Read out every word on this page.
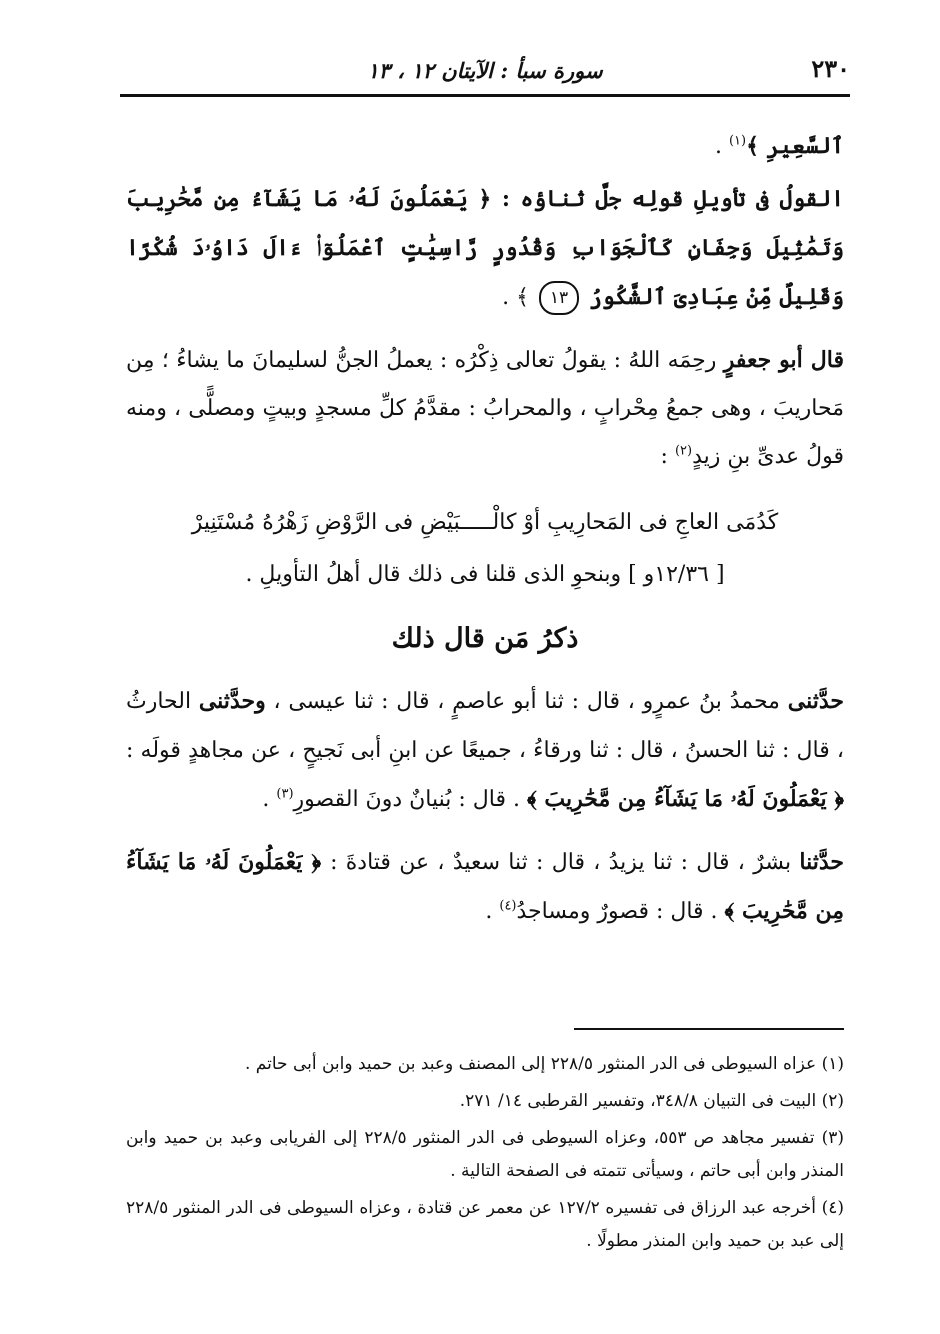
٢٣٠
سورة سبأ : الآيتان ١٢ ، ١٣

ٱلسَّعِيرِ ﴾$^{(١)}$ .

القولُ فى تأويلِ قولِه جلَّ ثناؤه : ﴿ يَعْمَلُونَ لَهُۥ مَا يَشَآءُ مِن مَّحَٰرِيبَ وَتَمَٰثِيلَ وَجِفَانٍ كَٱلْجَوَابِ وَقُدُورٍ رَّاسِيَٰتٍ ٱعْمَلُوٓا۟ ءَالَ دَاوُۥدَ شُكْرًا وَقَلِيلٌ مِّنْ عِبَادِىَ ٱلشَّكُورُ ١٣ ﴾ .

قال أبو جعفرٍ رحِمَه اللهُ : يقولُ تعالى ذِكْرُه : يعملُ الجنُّ لسليمانَ ما يشاءُ ؛ مِن مَحاريبَ ، وهى جمعُ مِحْرابٍ ، والمحرابُ : مقدَّمُ كلِّ مسجدٍ وبيتٍ ومصلًّى ، ومنه قولُ عدىِّ بنِ زيدٍ$^{(٢)}$ :

كَدُمَى العاجِ فى المَحارِيبِ أوْ كالْـــــبَيْضِ فى الرَّوْضِ زَهْرُهُ مُسْتَنِيرْ

[ ١٢/٣٦و ] وبنحوِ الذى قلنا فى ذلك قال أهلُ التأويلِ .

ذكرُ مَن قال ذلك

حدَّثنى محمدُ بنُ عمرٍو ، قال : ثنا أبو عاصمٍ ، قال : ثنا عيسى ، وحدَّثنى الحارثُ ، قال : ثنا الحسنُ ، قال : ثنا ورقاءُ ، جميعًا عن ابنِ أبى نَجيحٍ ، عن مجاهدٍ قولَه : ﴿ يَعْمَلُونَ لَهُۥ مَا يَشَآءُ مِن مَّحَٰرِيبَ ﴾ . قال : بُنيانٌ دونَ القصورِ$^{(٣)}$ .

حدَّثنا بشرٌ ، قال : ثنا يزيدُ ، قال : ثنا سعيدٌ ، عن قتادةَ : ﴿ يَعْمَلُونَ لَهُۥ مَا يَشَآءُ مِن مَّحَٰرِيبَ ﴾ . قال : قصورٌ ومساجدُ$^{(٤)}$ .

(١) عزاه السيوطى فى الدر المنثور ٢٢٨/٥ إلى المصنف وعبد بن حميد وابن أبى حاتم .

(٢) البيت فى التبيان ٣٤٨/٨، وتفسير القرطبى ١٤/ ٢٧١.

(٣) تفسير مجاهد ص ٥٥٣، وعزاه السيوطى فى الدر المنثور ٢٢٨/٥ إلى الفريابى وعبد بن حميد وابن المنذر وابن أبى حاتم ، وسيأتى تتمته فى الصفحة التالية .

(٤) أخرجه عبد الرزاق فى تفسيره ١٢٧/٢ عن معمر عن قتادة ، وعزاه السيوطى فى الدر المنثور ٢٢٨/٥ إلى عبد بن حميد وابن المنذر مطولًا .
